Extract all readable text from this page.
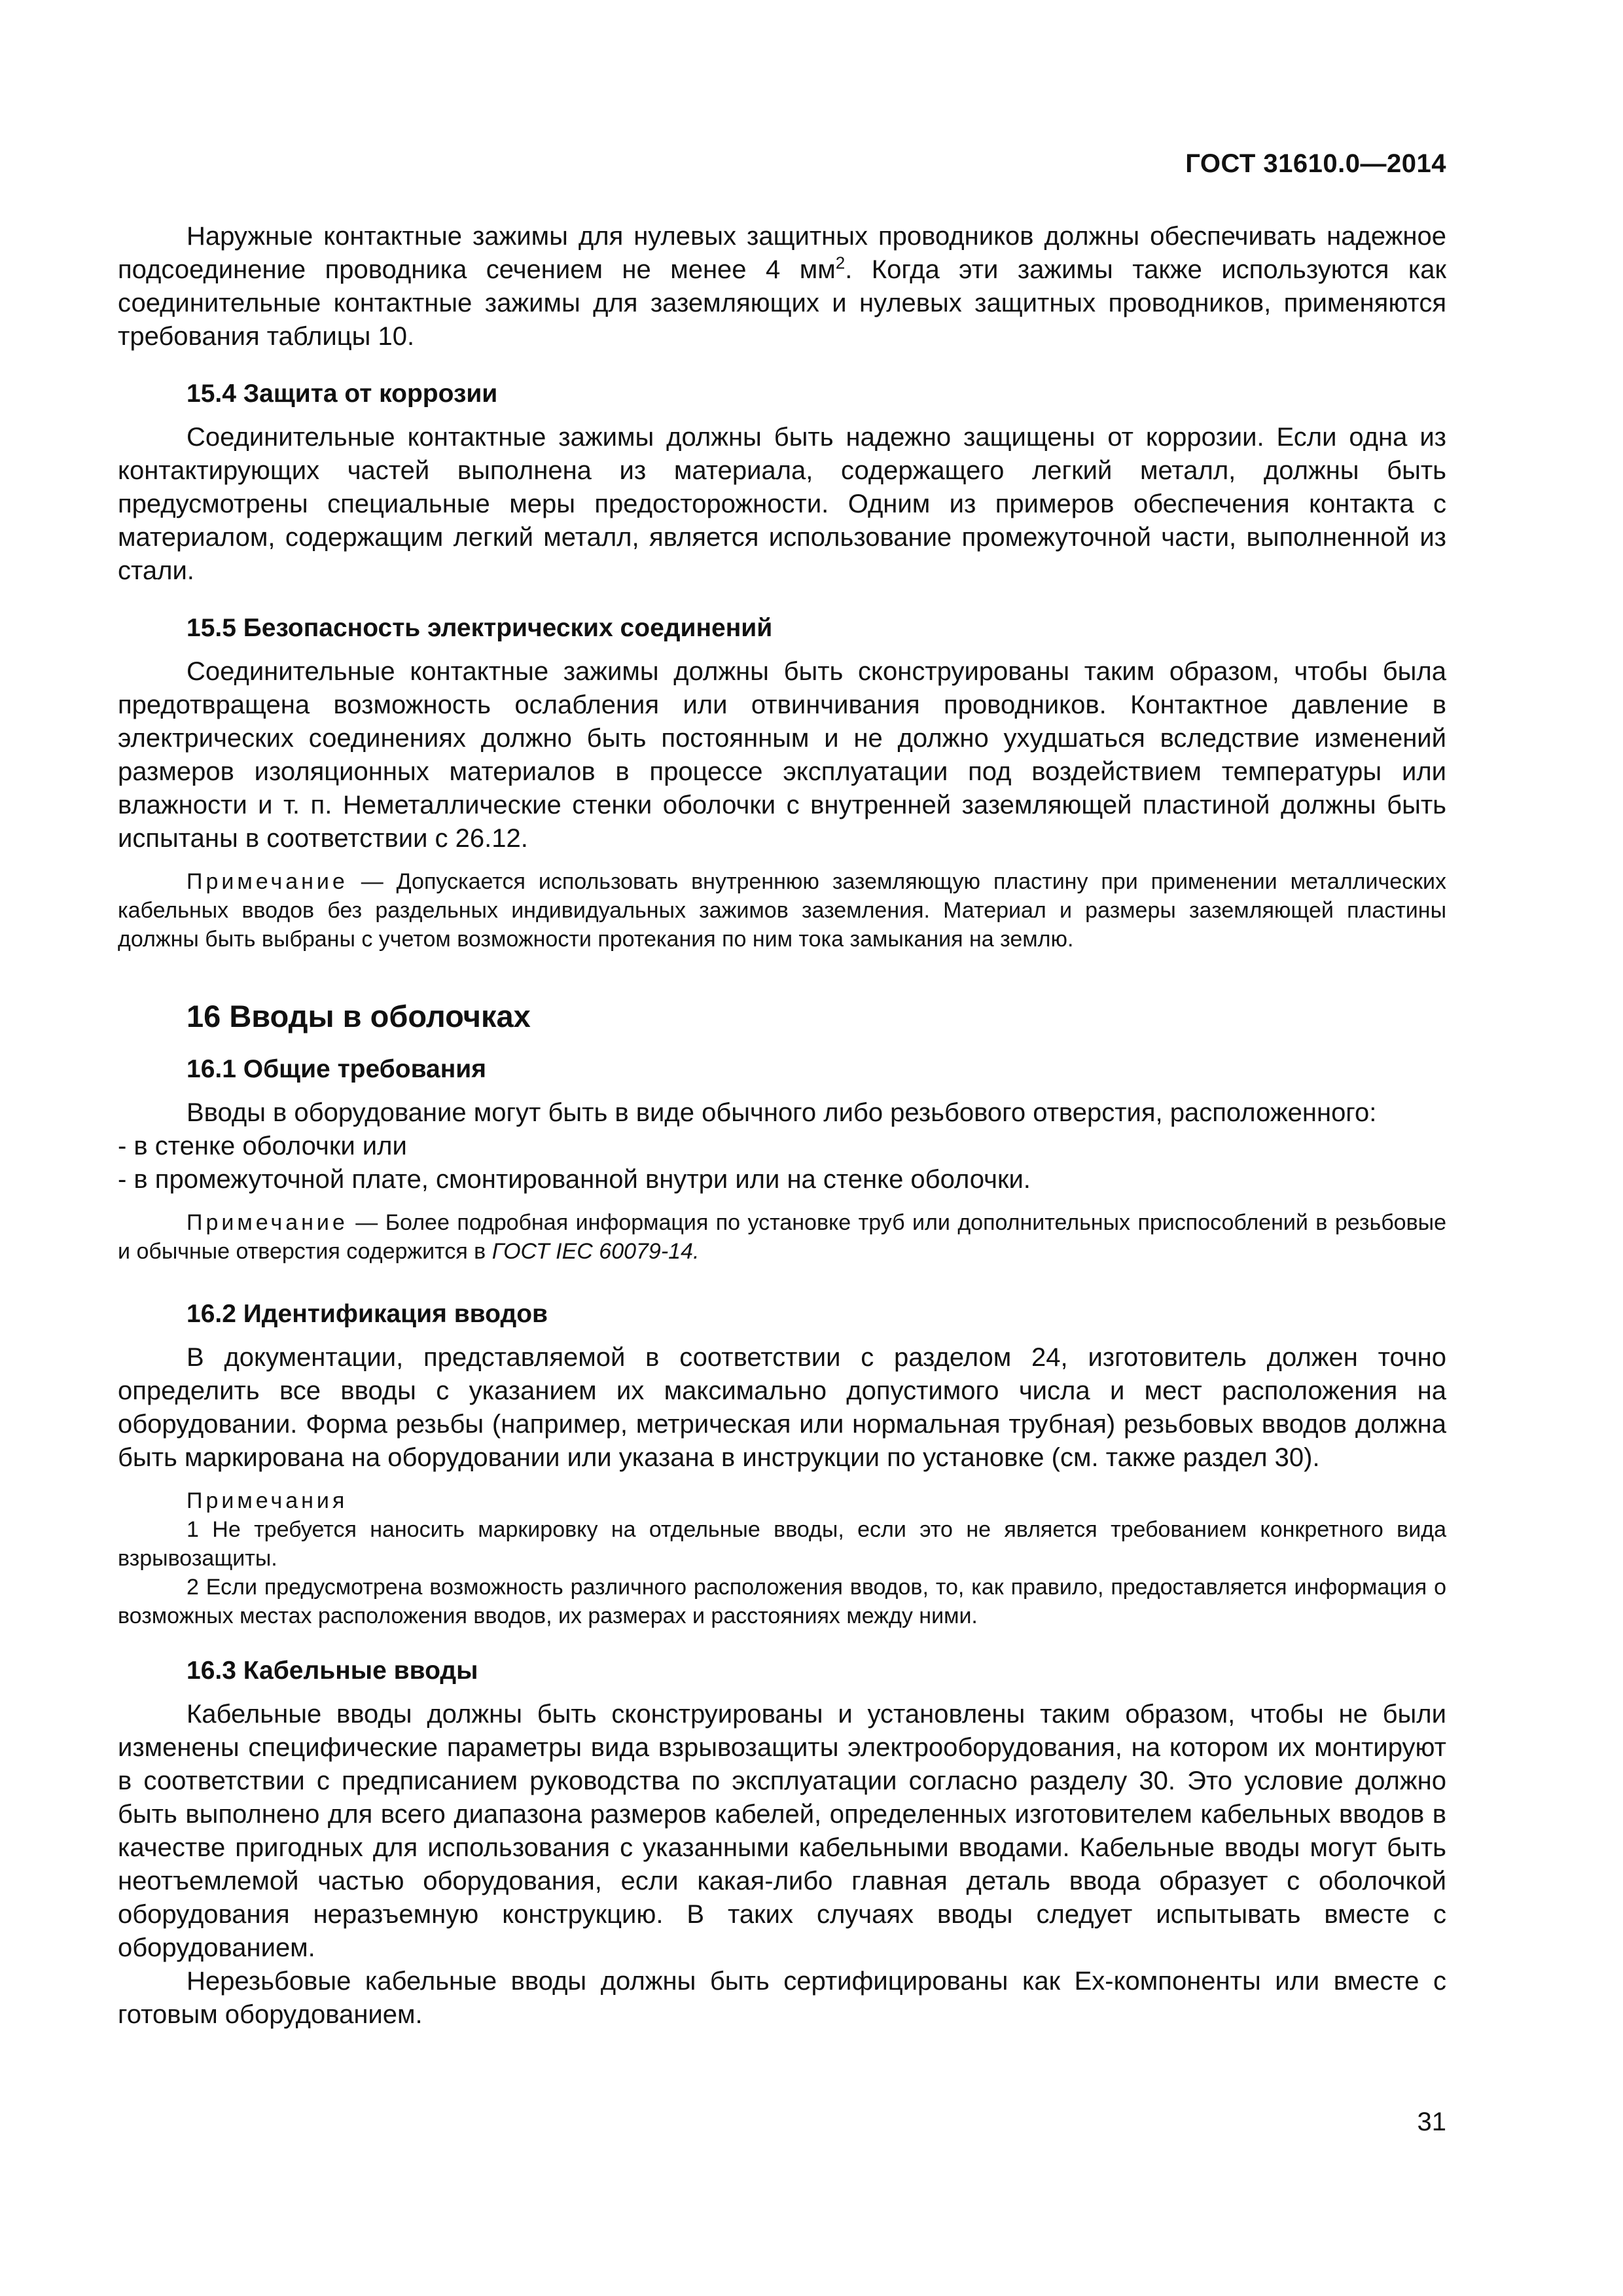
ГОСТ 31610.0—2014

Наружные контактные зажимы для нулевых защитных проводников должны обеспечивать надежное подсоединение проводника сечением не менее 4 $мм^2$. Когда эти зажимы также используются как соединительные контактные зажимы для заземляющих и нулевых защитных проводников, применяются требования таблицы 10.

15.4 Защита от коррозии

Соединительные контактные зажимы должны быть надежно защищены от коррозии. Если одна из контактирующих частей выполнена из материала, содержащего легкий металл, должны быть предусмотрены специальные меры предосторожности. Одним из примеров обеспечения контакта с материалом, содержащим легкий металл, является использование промежуточной части, выполненной из стали.

15.5 Безопасность электрических соединений

Соединительные контактные зажимы должны быть сконструированы таким образом, чтобы была предотвращена возможность ослабления или отвинчивания проводников. Контактное давление в электрических соединениях должно быть постоянным и не должно ухудшаться вследствие изменений размеров изоляционных материалов в процессе эксплуатации под воздействием температуры или влажности и т. п. Неметаллические стенки оболочки с внутренней заземляющей пластиной должны быть испытаны в соответствии с 26.12.

Примечание — Допускается использовать внутреннюю заземляющую пластину при применении металлических кабельных вводов без раздельных индивидуальных зажимов заземления. Материал и размеры заземляющей пластины должны быть выбраны с учетом возможности протекания по ним тока замыкания на землю.

16 Вводы в оболочках
16.1 Общие требования

Вводы в оборудование могут быть в виде обычного либо резьбового отверстия, расположенного:

- в стенке оболочки или

- в промежуточной плате, смонтированной внутри или на стенке оболочки.

Примечание — Более подробная информация по установке труб или дополнительных приспособлений в резьбовые и обычные отверстия содержится в ГОСТ IEC 60079-14.

16.2 Идентификация вводов

В документации, представляемой в соответствии с разделом 24, изготовитель должен точно определить все вводы с указанием их максимально допустимого числа и мест расположения на оборудовании. Форма резьбы (например, метрическая или нормальная трубная) резьбовых вводов должна быть маркирована на оборудовании или указана в инструкции по установке (см. также раздел 30).

Примечания

1 Не требуется наносить маркировку на отдельные вводы, если это не является требованием конкретного вида взрывозащиты.

2 Если предусмотрена возможность различного расположения вводов, то, как правило, предоставляется информация о возможных местах расположения вводов, их размерах и расстояниях между ними.

16.3 Кабельные вводы

Кабельные вводы должны быть сконструированы и установлены таким образом, чтобы не были изменены специфические параметры вида взрывозащиты электрооборудования, на котором их монтируют в соответствии с предписанием руководства по эксплуатации согласно разделу 30. Это условие должно быть выполнено для всего диапазона размеров кабелей, определенных изготовителем кабельных вводов в качестве пригодных для использования с указанными кабельными вводами. Кабельные вводы могут быть неотъемлемой частью оборудования, если какая-либо главная деталь ввода образует с оболочкой оборудования неразъемную конструкцию. В таких случаях вводы следует испытывать вместе с оборудованием.

Нерезьбовые кабельные вводы должны быть сертифицированы как Ex-компоненты или вместе с готовым оборудованием.

31
